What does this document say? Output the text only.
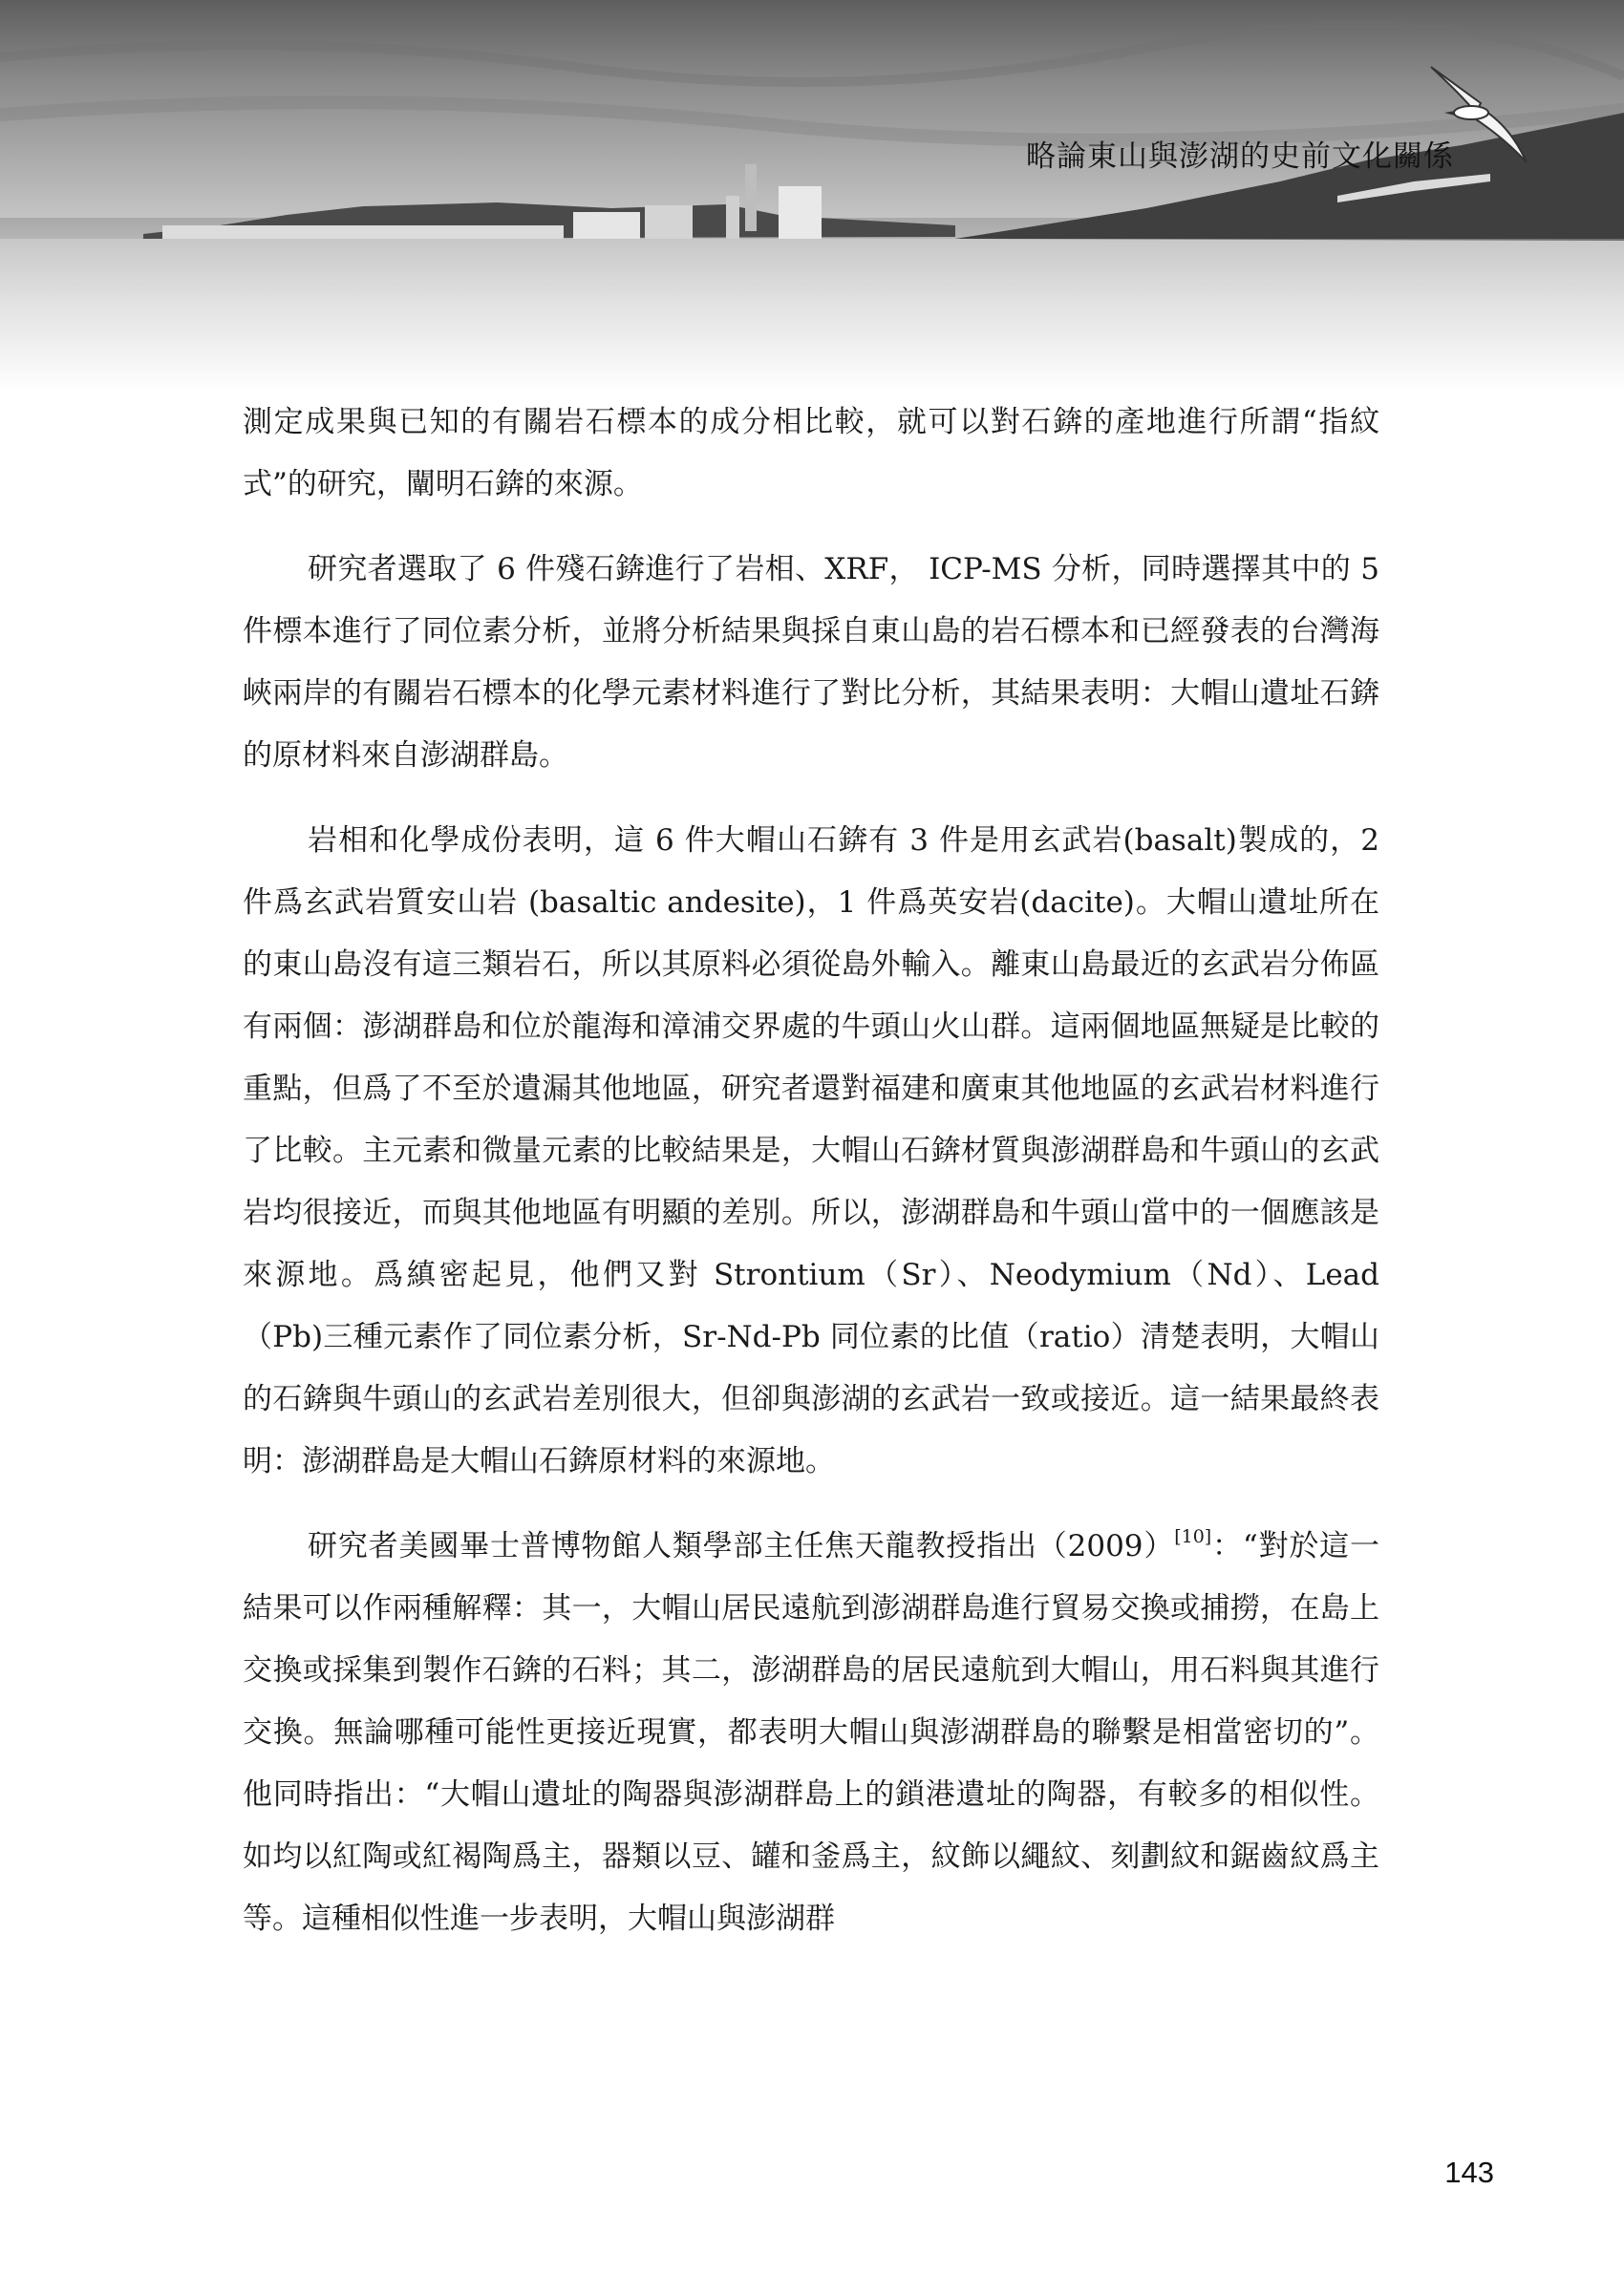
略論東山與澎湖的史前文化關係

測定成果與已知的有關岩石標本的成分相比較，就可以對石錛的產地進行所謂“指紋式”的研究，闡明石錛的來源。

研究者選取了 6 件殘石錛進行了岩相、XRF， ICP-MS 分析，同時選擇其中的 5 件標本進行了同位素分析，並將分析結果與採自東山島的岩石標本和已經發表的台灣海峽兩岸的有關岩石標本的化學元素材料進行了對比分析，其結果表明：大帽山遺址石錛的原材料來自澎湖群島。

岩相和化學成份表明，這 6 件大帽山石錛有 3 件是用玄武岩(basalt)製成的，2 件爲玄武岩質安山岩 (basaltic andesite)，1 件爲英安岩(dacite)。大帽山遺址所在的東山島沒有這三類岩石，所以其原料必須從島外輸入。離東山島最近的玄武岩分佈區有兩個：澎湖群島和位於龍海和漳浦交界處的牛頭山火山群。這兩個地區無疑是比較的重點，但爲了不至於遺漏其他地區，研究者還對福建和廣東其他地區的玄武岩材料進行了比較。主元素和微量元素的比較結果是，大帽山石錛材質與澎湖群島和牛頭山的玄武岩均很接近，而與其他地區有明顯的差別。所以，澎湖群島和牛頭山當中的一個應該是來源地。爲縝密起見，他們又對 Strontium（Sr）、Neodymium（Nd）、Lead（Pb)三種元素作了同位素分析，Sr-Nd-Pb 同位素的比值（ratio）清楚表明，大帽山的石錛與牛頭山的玄武岩差別很大，但卻與澎湖的玄武岩一致或接近。這一結果最終表明：澎湖群島是大帽山石錛原材料的來源地。

研究者美國畢士普博物館人類學部主任焦天龍教授指出（2009）[10]：“對於這一結果可以作兩種解釋：其一，大帽山居民遠航到澎湖群島進行貿易交換或捕撈，在島上交換或採集到製作石錛的石料；其二，澎湖群島的居民遠航到大帽山，用石料與其進行交換。無論哪種可能性更接近現實，都表明大帽山與澎湖群島的聯繫是相當密切的”。他同時指出：“大帽山遺址的陶器與澎湖群島上的鎖港遺址的陶器，有較多的相似性。如均以紅陶或紅褐陶爲主，器類以豆、罐和釜爲主，紋飾以繩紋、刻劃紋和鋸齒紋爲主等。這種相似性進一步表明，大帽山與澎湖群

143
